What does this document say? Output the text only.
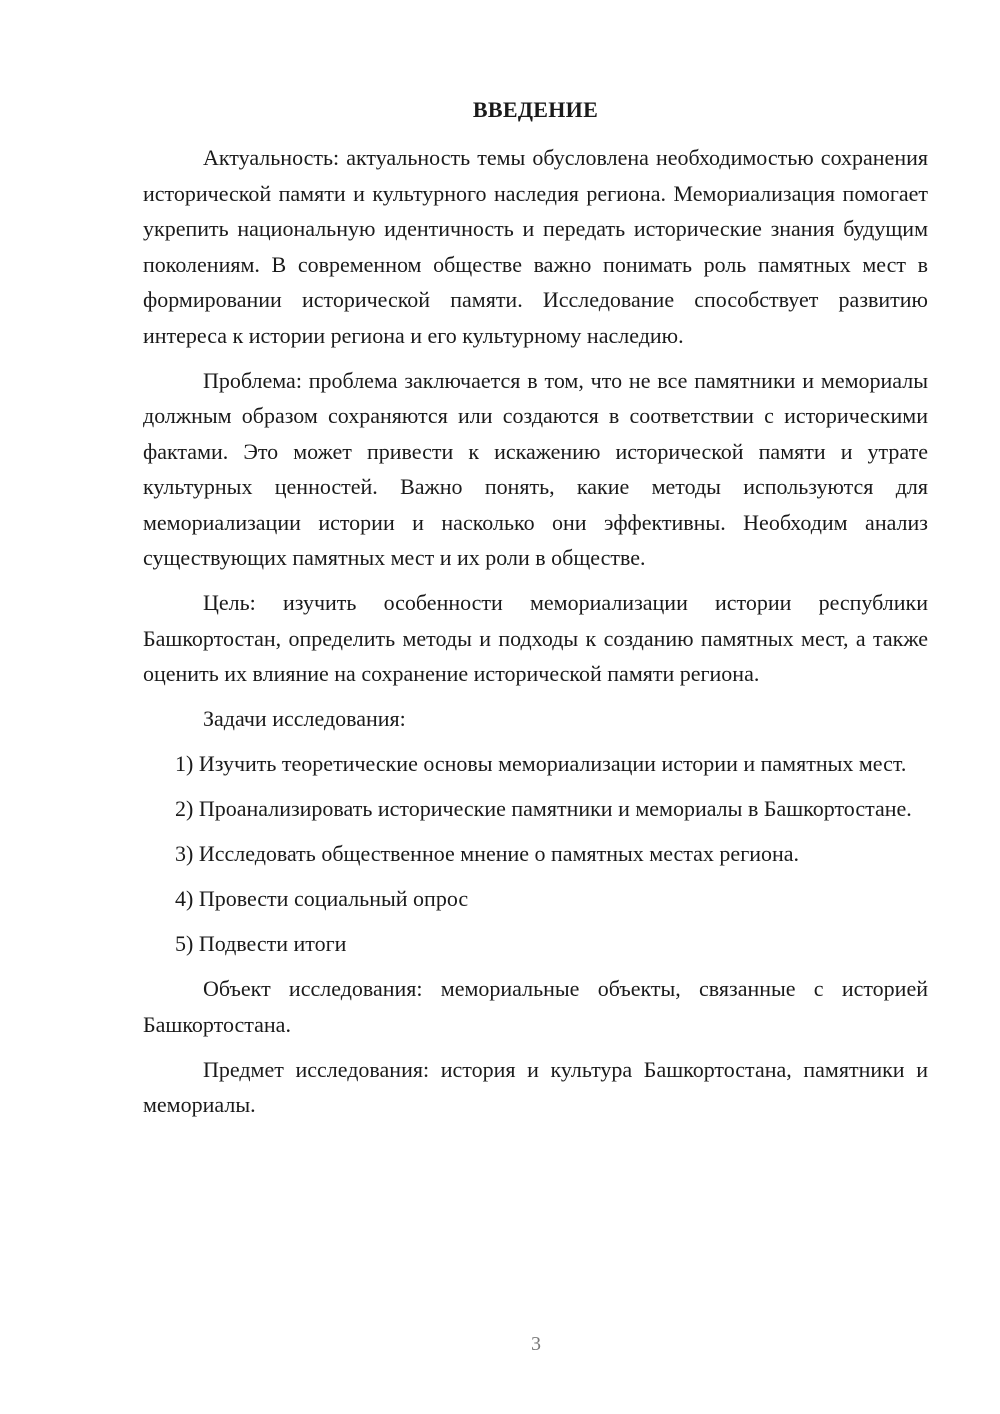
ВВЕДЕНИЕ

Актуальность: актуальность темы обусловлена необходимостью сохранения исторической памяти и культурного наследия региона. Мемориализация помогает укрепить национальную идентичность и передать исторические знания будущим поколениям. В современном обществе важно понимать роль памятных мест в формировании исторической памяти. Исследование способствует развитию интереса к истории региона и его культурному наследию.

Проблема: проблема заключается в том, что не все памятники и мемориалы должным образом сохраняются или создаются в соответствии с историческими фактами. Это может привести к искажению исторической памяти и утрате культурных ценностей. Важно понять, какие методы используются для мемориализации истории и насколько они эффективны. Необходим анализ существующих памятных мест и их роли в обществе.

Цель: изучить особенности мемориализации истории республики Башкортостан, определить методы и подходы к созданию памятных мест, а также оценить их влияние на сохранение исторической памяти региона.

Задачи исследования:

1) Изучить теоретические основы мемориализации истории и памятных мест.

2) Проанализировать исторические памятники и мемориалы в Башкортостане.

3) Исследовать общественное мнение о памятных местах региона.

4) Провести социальный опрос

5) Подвести итоги

Объект исследования: мемориальные объекты, связанные с историей Башкортостана.

Предмет исследования: история и культура Башкортостана, памятники и мемориалы.

3
